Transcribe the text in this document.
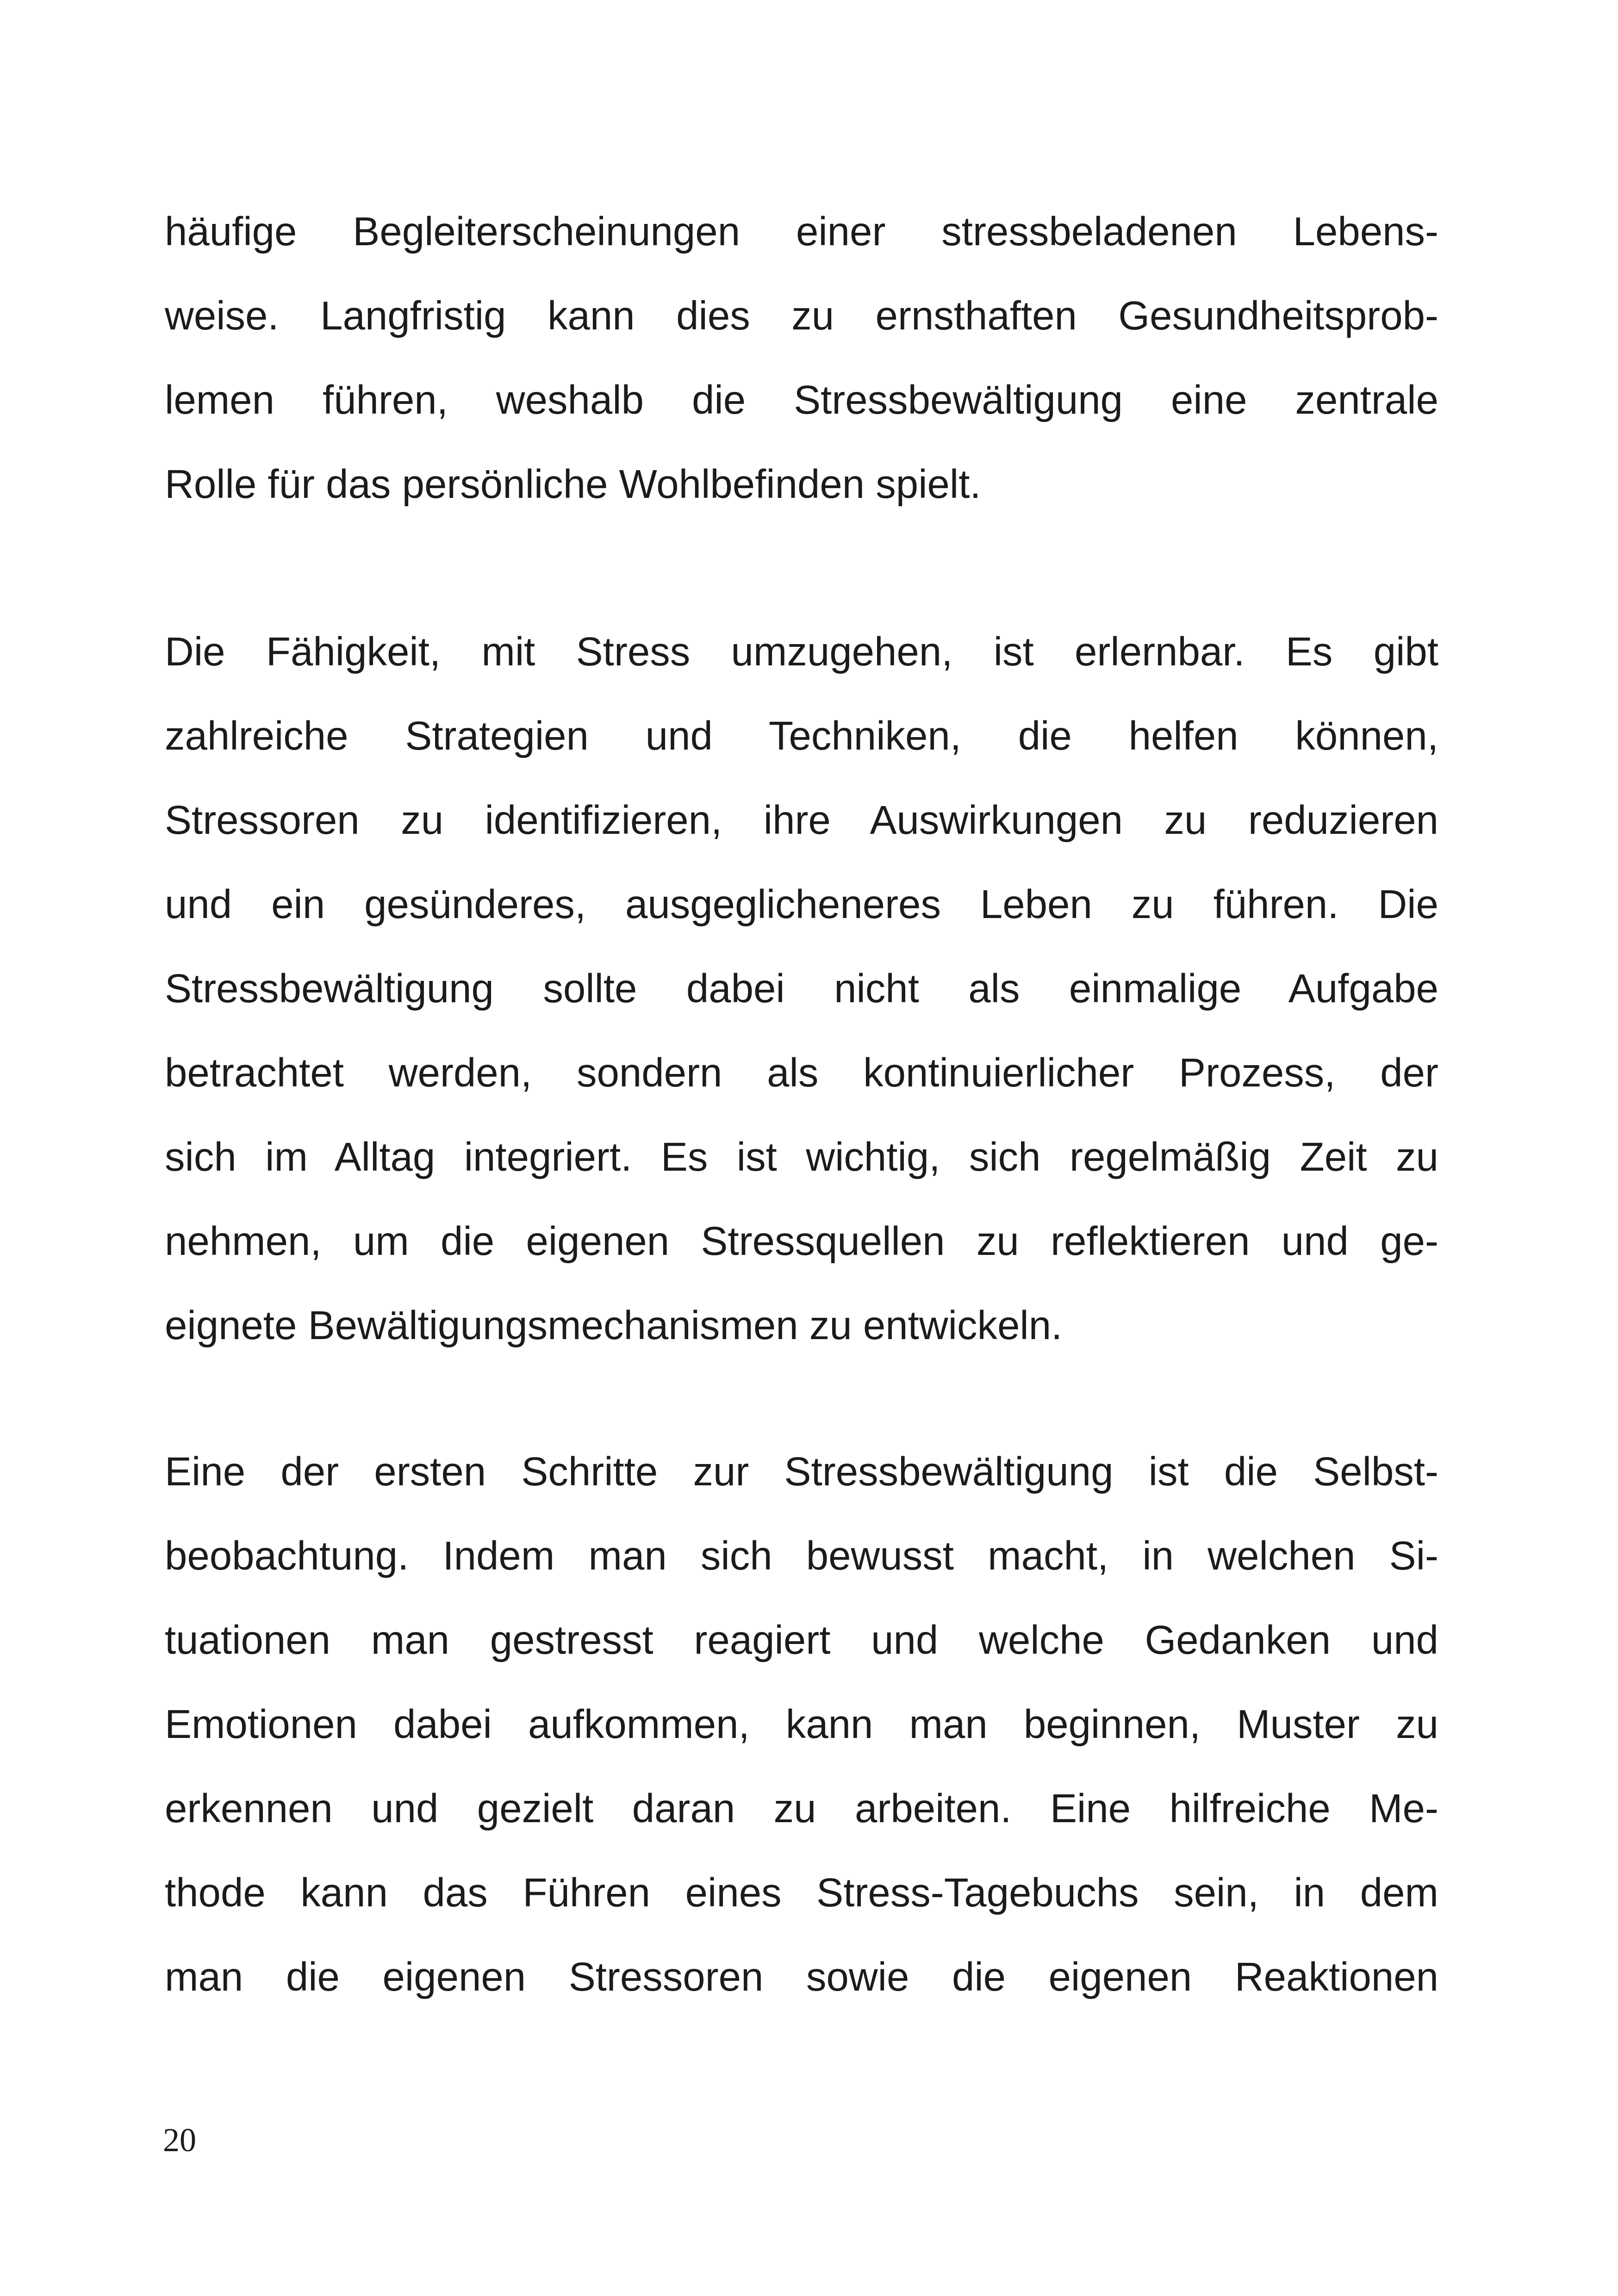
häufige Begleiterscheinungen einer stressbeladenen Lebens-
weise. Langfristig kann dies zu ernsthaften Gesundheitsprob-
lemen führen, weshalb die Stressbewältigung eine zentrale
Rolle für das persönliche Wohlbefinden spielt.
Die Fähigkeit, mit Stress umzugehen, ist erlernbar. Es gibt
zahlreiche Strategien und Techniken, die helfen können,
Stressoren zu identifizieren, ihre Auswirkungen zu reduzieren
und ein gesünderes, ausgeglicheneres Leben zu führen. Die
Stressbewältigung sollte dabei nicht als einmalige Aufgabe
betrachtet werden, sondern als kontinuierlicher Prozess, der
sich im Alltag integriert. Es ist wichtig, sich regelmäßig Zeit zu
nehmen, um die eigenen Stressquellen zu reflektieren und ge-
eignete Bewältigungsmechanismen zu entwickeln.
Eine der ersten Schritte zur Stressbewältigung ist die Selbst-
beobachtung. Indem man sich bewusst macht, in welchen Si-
tuationen man gestresst reagiert und welche Gedanken und
Emotionen dabei aufkommen, kann man beginnen, Muster zu
erkennen und gezielt daran zu arbeiten. Eine hilfreiche Me-
thode kann das Führen eines Stress-Tagebuchs sein, in dem
man die eigenen Stressoren sowie die eigenen Reaktionen
20
